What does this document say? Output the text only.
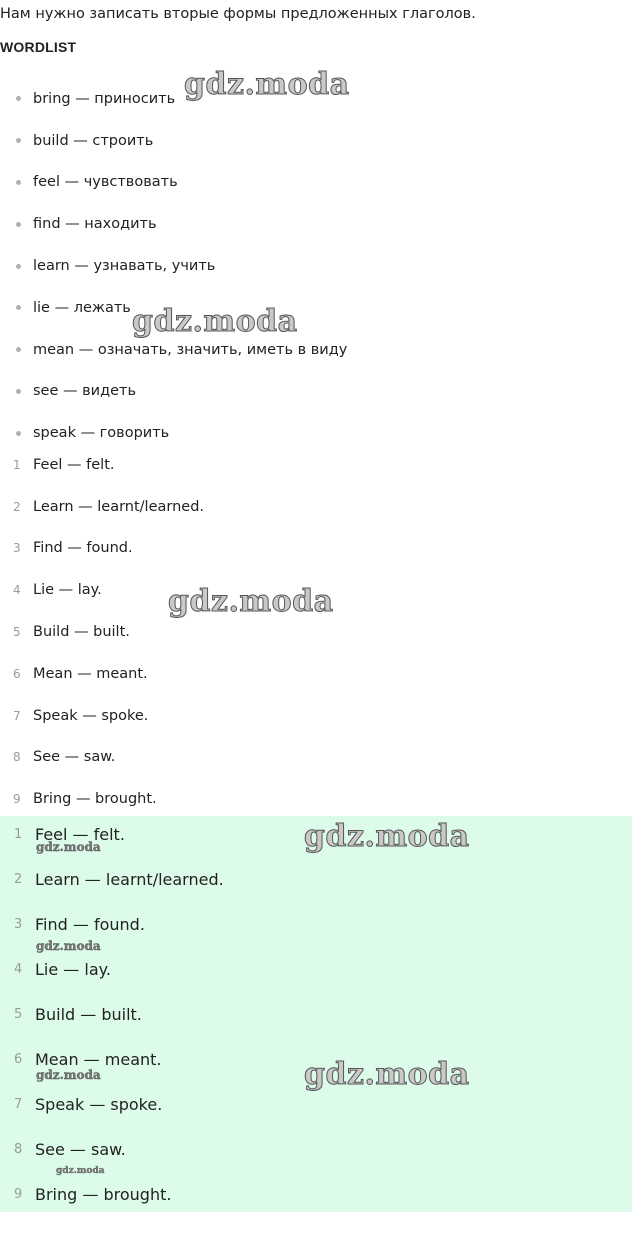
Нам нужно записать вторые формы предложенных глаголов.
WORDLIST
bring — приносить
build — строить
feel — чувствовать
find — находить
learn — узнавать, учить
lie — лежать
mean — означать, значить, иметь в виду
see — видеть
speak — говорить
1 Feel — felt.
2 Learn — learnt/learned.
3 Find — found.
4 Lie — lay.
5 Build — built.
6 Mean — meant.
7 Speak — spoke.
8 See — saw.
9 Bring — brought.
1 Feel — felt.
2 Learn — learnt/learned.
3 Find — found.
4 Lie — lay.
5 Build — built.
6 Mean — meant.
7 Speak — spoke.
8 See — saw.
9 Bring — brought.
gdz.moda
gdz.moda
gdz.moda
gdz.moda
gdz.moda
gdz.moda
gdz.moda
gdz.moda
gdz.moda
